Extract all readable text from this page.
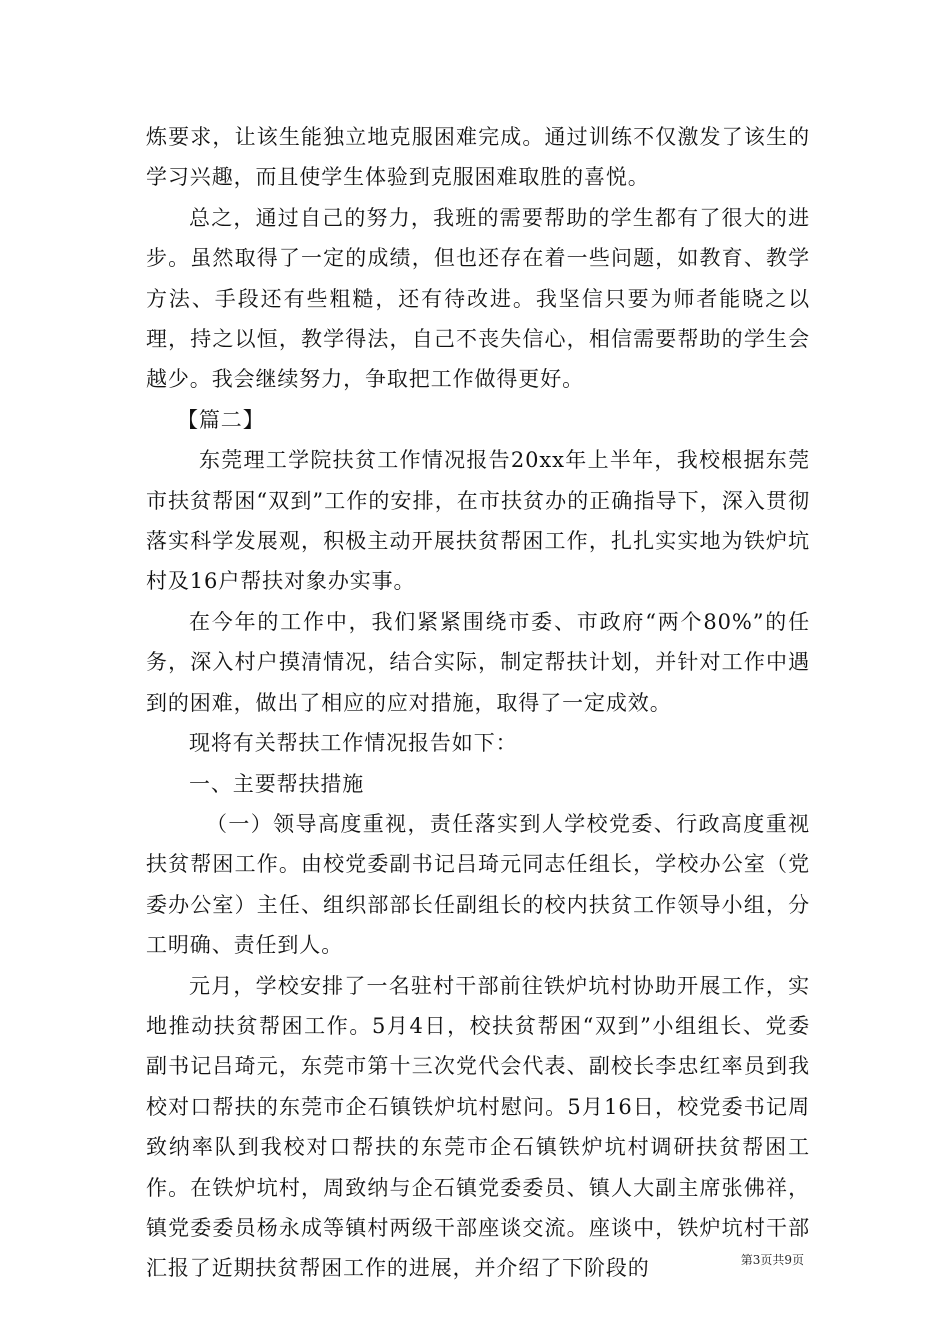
炼要求，让该生能独立地克服困难完成。通过训练不仅激发了该生的学习兴趣，而且使学生体验到克服困难取胜的喜悦。

总之，通过自己的努力，我班的需要帮助的学生都有了很大的进步。虽然取得了一定的成绩，但也还存在着一些问题，如教育、教学方法、手段还有些粗糙，还有待改进。我坚信只要为师者能晓之以理，持之以恒，教学得法，自己不丧失信心，相信需要帮助的学生会越少。我会继续努力，争取把工作做得更好。

【篇二】

东莞理工学院扶贫工作情况报告20xx年上半年，我校根据东莞市扶贫帮困“双到”工作的安排，在市扶贫办的正确指导下，深入贯彻落实科学发展观，积极主动开展扶贫帮困工作，扎扎实实地为铁炉坑村及16户帮扶对象办实事。

在今年的工作中，我们紧紧围绕市委、市政府“两个80%”的任务，深入村户摸清情况，结合实际，制定帮扶计划，并针对工作中遇到的困难，做出了相应的应对措施，取得了一定成效。

现将有关帮扶工作情况报告如下：

一、主要帮扶措施

（一）领导高度重视，责任落实到人学校党委、行政高度重视扶贫帮困工作。由校党委副书记吕琦元同志任组长，学校办公室（党委办公室）主任、组织部部长任副组长的校内扶贫工作领导小组，分工明确、责任到人。

元月，学校安排了一名驻村干部前往铁炉坑村协助开展工作，实地推动扶贫帮困工作。5月4日，校扶贫帮困“双到”小组组长、党委副书记吕琦元，东莞市第十三次党代会代表、副校长李忠红率员到我校对口帮扶的东莞市企石镇铁炉坑村慰问。5月16日，校党委书记周致纳率队到我校对口帮扶的东莞市企石镇铁炉坑村调研扶贫帮困工作。在铁炉坑村，周致纳与企石镇党委委员、镇人大副主席张佛祥，镇党委委员杨永成等镇村两级干部座谈交流。座谈中，铁炉坑村干部汇报了近期扶贫帮困工作的进展，并介绍了下阶段的	第3页共9页
